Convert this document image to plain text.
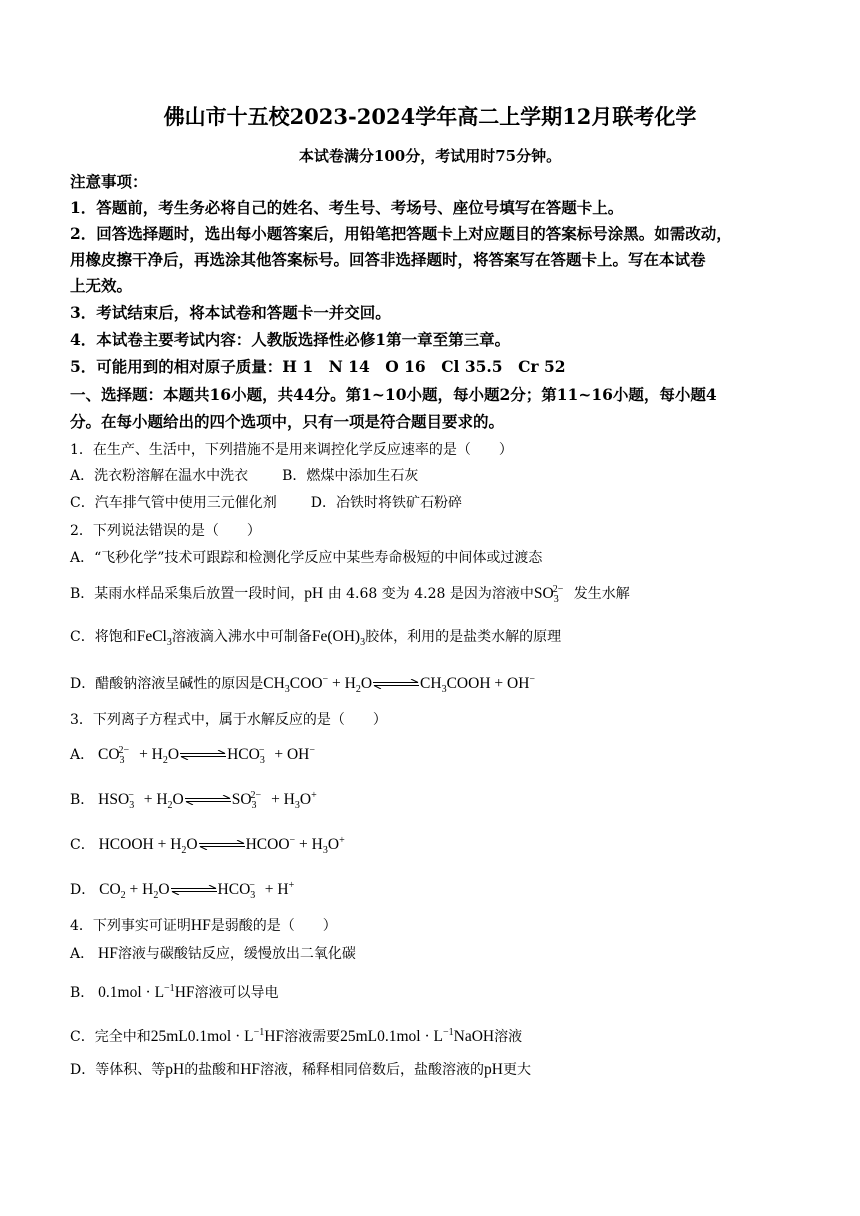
佛山市十五校2023-2024学年高二上学期12月联考化学
本试卷满分100分，考试用时75分钟。
注意事项：
1．答题前，考生务必将自己的姓名、考生号、考场号、座位号填写在答题卡上。
2．回答选择题时，选出每小题答案后，用铅笔把答题卡上对应题目的答案标号涂黑。如需改动，
用橡皮擦干净后，再选涂其他答案标号。回答非选择题时，将答案写在答题卡上。写在本试卷
上无效。
3．考试结束后，将本试卷和答题卡一并交回。
4．本试卷主要考试内容：人教版选择性必修1第一章至第三章。
5．可能用到的相对原子质量：H 1　N 14　O 16　Cl 35.5　Cr 52
一、选择题：本题共16小题，共44分。第1~10小题，每小题2分；第11~16小题，每小题4
分。在每小题给出的四个选项中，只有一项是符合题目要求的。
1．在生产、生活中，下列措施不是用来调控化学反应速率的是（　　）
A．洗衣粉溶解在温水中洗衣 B．燃煤中添加生石灰
C．汽车排气管中使用三元催化剂 D．冶铁时将铁矿石粉碎
2．下列说法错误的是（　　）
A．“飞秒化学”技术可跟踪和检测化学反应中某些寿命极短的中间体或过渡态
B．某雨水样品采集后放置一段时间，pH 由 4.68 变为 4.28 是因为溶液中$SO_3^{2-}$ 发生水解
C．将饱和FeCl$_3$溶液滴入沸水中可制备$Fe(OH)_3$胶体，利用的是盐类水解的原理
D．醋酸钠溶液呈碱性的原因是$CH_3COO^-$ + $H_2O\rightleftharpoons CH_3COOH + OH^-$
3．下列离子方程式中，属于水解反应的是（　　）
A． $CO_3^{2-}$ + $H_2O\rightleftharpoons HCO_3^- + OH^-$
B． $HSO_3^-$ + $H_2O\rightleftharpoons SO_3^{2-} + H_3O^+$
C． HCOOH + $H_2O\rightleftharpoons HCOO^- + H_3O^+$
D． $CO_2$ + $H_2O\rightleftharpoons HCO_3^- + H^+$
4．下列事实可证明HF是弱酸的是（　　）
A． HF溶液与碳酸钴反应，缓慢放出二氧化碳
B． $0.1mol \cdot L^{-1}HF$溶液可以导电
C．完全中和$25mL0.1mol \cdot L^{-1}HF$溶液需要$25mL0.1mol \cdot L^{-1}NaOH$溶液
D．等体积、等pH的盐酸和HF溶液，稀释相同倍数后，盐酸溶液的pH更大
